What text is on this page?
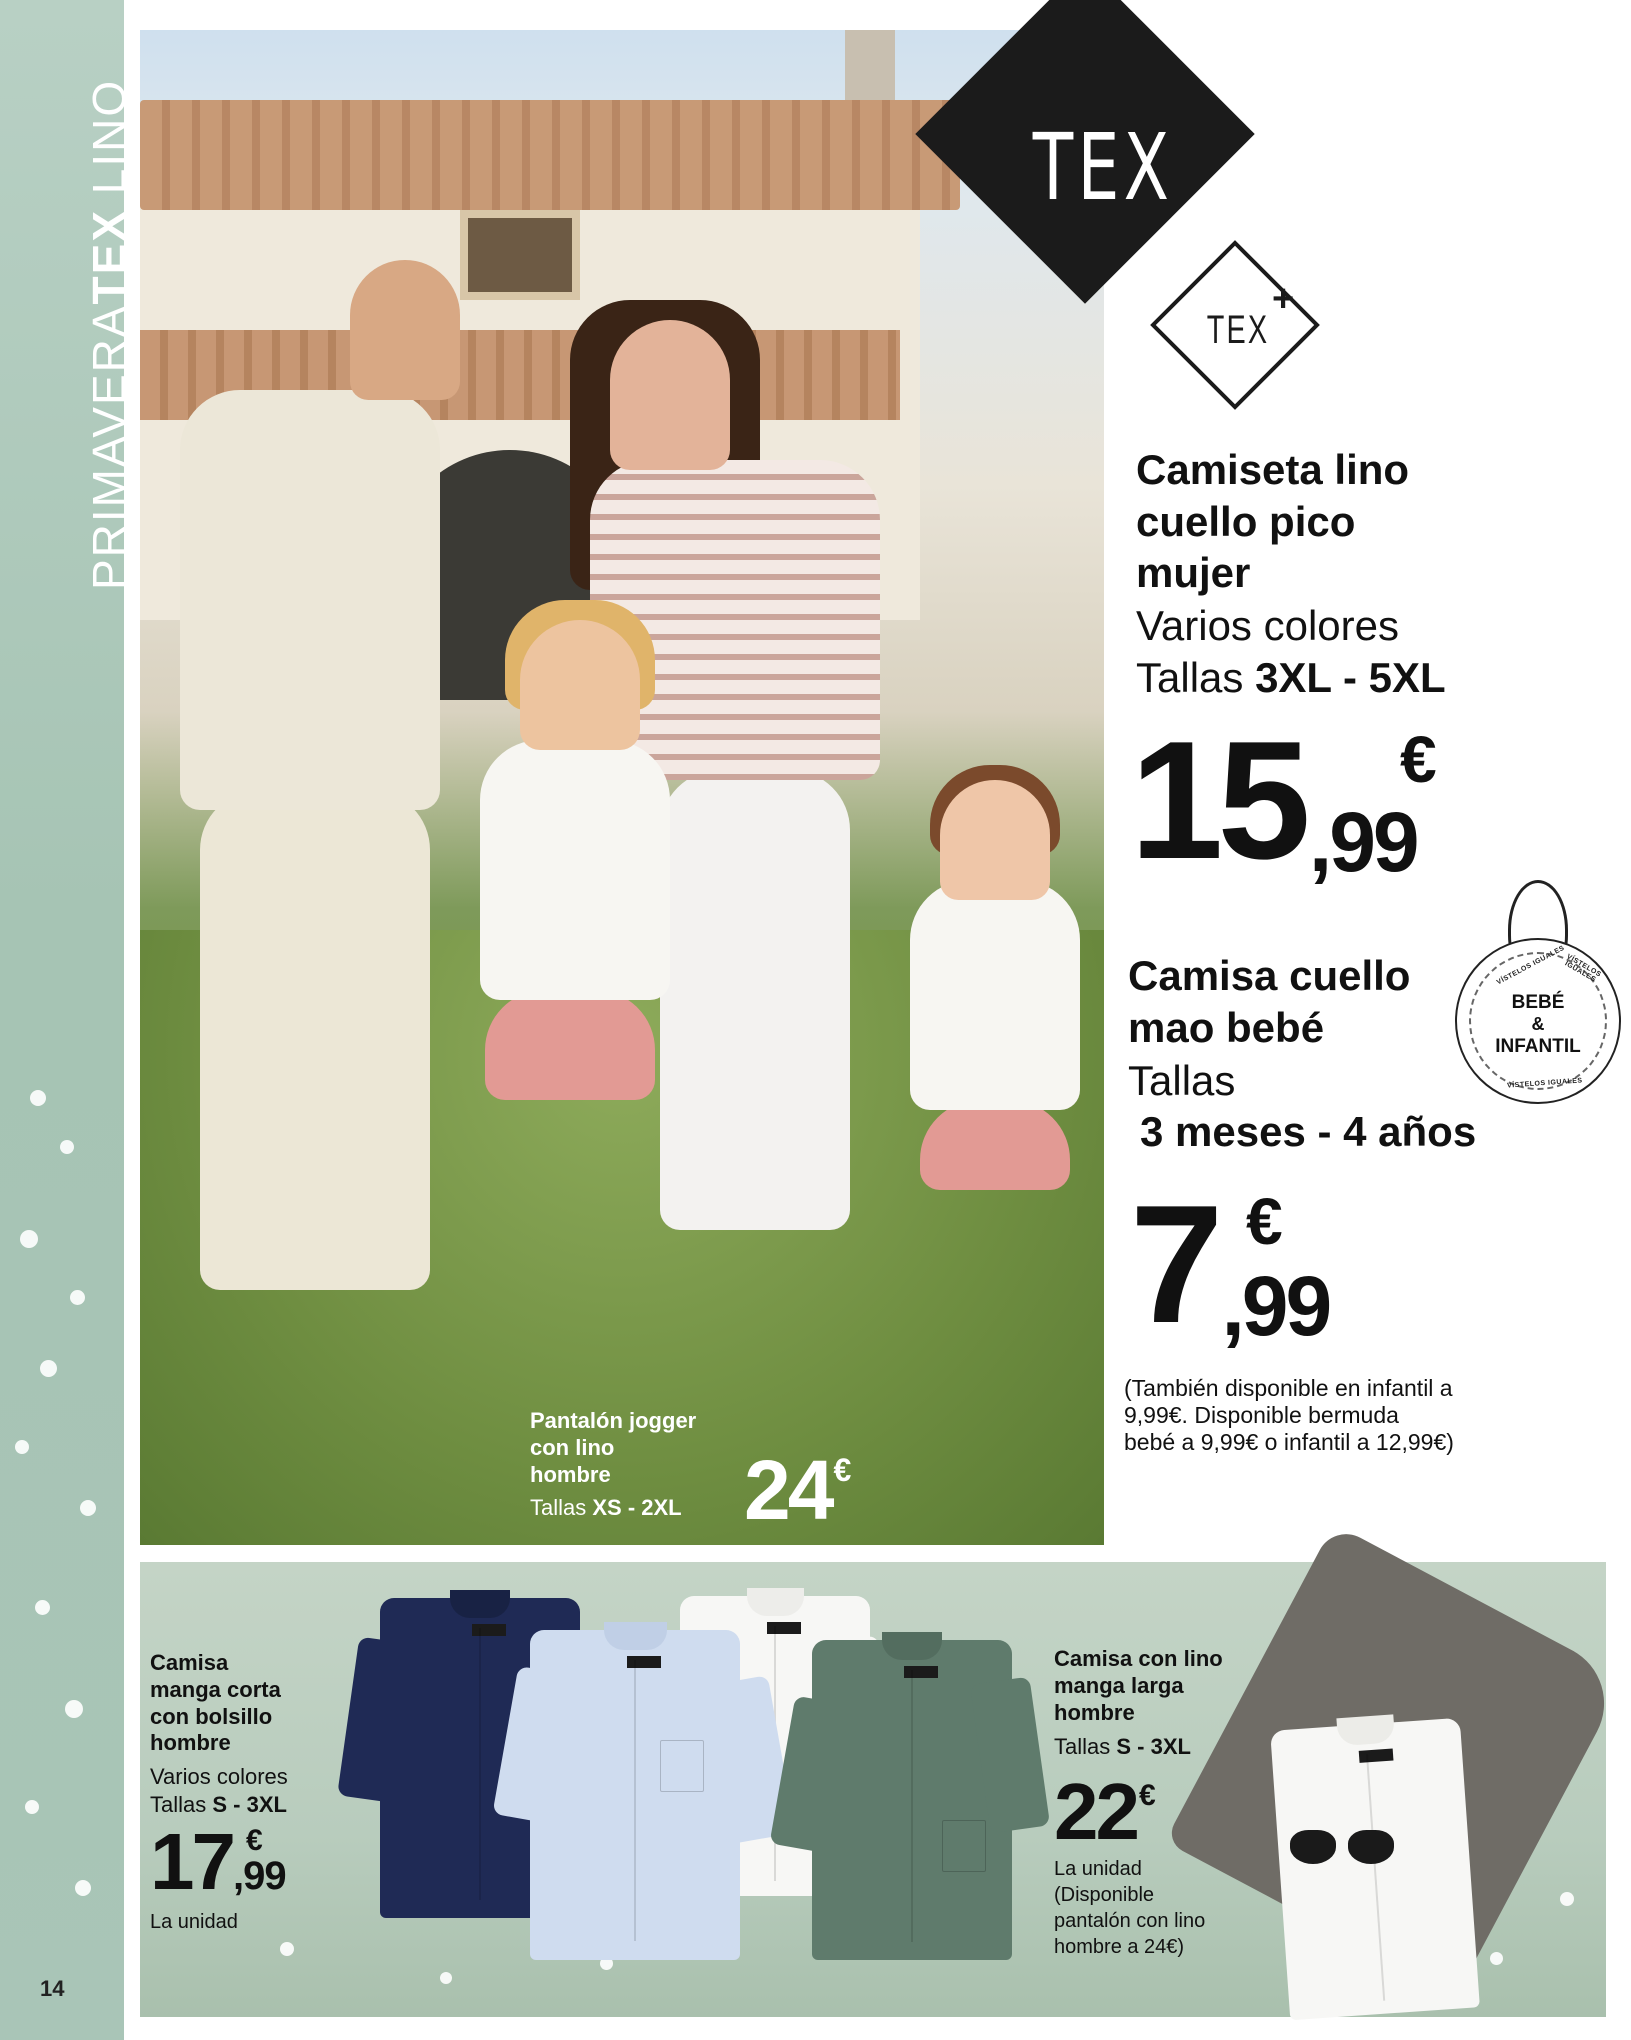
PRIMAVERATEX LINO
14
Pantalón jogger
con lino
hombre
Tallas XS - 2XL 24€
TEX
TEX
+
Camiseta lino
cuello pico
mujer
Varios colores
Tallas 3XL - 5XL
15,99
€
Camisa cuello
mao bebé
Tallas
3 meses - 4 años
7,99
€
(También disponible en infantil a 9,99€. Disponible bermuda bebé a 9,99€ o infantil a 12,99€)
VÍSTELOS IGUALES VÍSTELOS IGUALES
VÍSTELOS IGUALES
BEBÉ
&
INFANTIL
Camisa
manga corta
con bolsillo
hombre
Varios colores
Tallas S - 3XL
17,99
€
La unidad
Camisa con lino
manga larga
hombre
Tallas S - 3XL
22€
La unidad
(Disponible
pantalón con lino
hombre a 24€)
